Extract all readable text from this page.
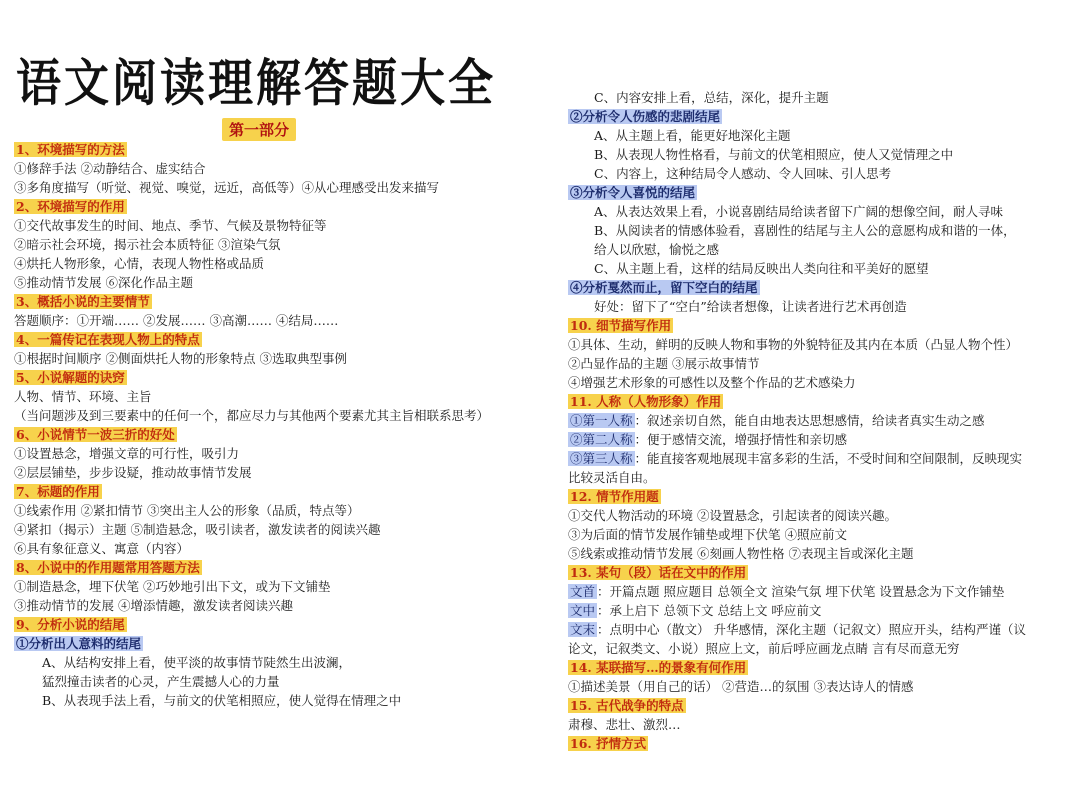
语文阅读理解答题大全
第一部分
1、环境描写的方法
①修辞手法 ②动静结合、虚实结合
③多角度描写（听觉、视觉、嗅觉，远近，高低等）④从心理感受出发来描写
2、环境描写的作用
①交代故事发生的时间、地点、季节、气候及景物特征等
②暗示社会环境，揭示社会本质特征 ③渲染气氛
④烘托人物形象，心情，表现人物性格或品质
⑤推动情节发展 ⑥深化作品主题
3、概括小说的主要情节
答题顺序：①开端…… ②发展…… ③高潮…… ④结局……
4、一篇传记在表现人物上的特点
①根据时间顺序 ②侧面烘托人物的形象特点 ③选取典型事例
5、小说解题的诀窍
人物、情节、环境、主旨
（当问题涉及到三要素中的任何一个，都应尽力与其他两个要素尤其主旨相联系思考）
6、小说情节一波三折的好处
①设置悬念，增强文章的可行性，吸引力
②层层铺垫，步步设疑，推动故事情节发展
7、标题的作用
①线索作用 ②紧扣情节 ③突出主人公的形象（品质，特点等）
④紧扣（揭示）主题 ⑤制造悬念，吸引读者，激发读者的阅读兴趣
⑥具有象征意义、寓意（内容）
8、小说中的作用题常用答题方法
①制造悬念，埋下伏笔 ②巧妙地引出下文，或为下文铺垫
③推动情节的发展 ④增添情趣，激发读者阅读兴趣
9、分析小说的结尾
①分析出人意料的结尾
A、从结构安排上看，使平淡的故事情节陡然生出波澜，
猛烈撞击读者的心灵，产生震撼人心的力量
B、从表现手法上看，与前文的伏笔相照应，使人觉得在情理之中
C、内容安排上看，总结，深化，提升主题
②分析令人伤感的悲剧结尾
A、从主题上看，能更好地深化主题
B、从表现人物性格看，与前文的伏笔相照应，使人又觉情理之中
C、内容上，这种结局令人感动、令人回味、引人思考
③分析令人喜悦的结尾
A、从表达效果上看，小说喜剧结局给读者留下广阔的想像空间，耐人寻味
B、从阅读者的情感体验看，喜剧性的结尾与主人公的意愿构成和谐的一体，
给人以欣慰，愉悦之感
C、从主题上看，这样的结局反映出人类向往和平美好的愿望
④分析戛然而止，留下空白的结尾
好处：留下了“空白”给读者想像，让读者进行艺术再创造
10. 细节描写作用
①具体、生动，鲜明的反映人物和事物的外貌特征及其内在本质（凸显人物个性）
②凸显作品的主题 ③展示故事情节
④增强艺术形象的可感性以及整个作品的艺术感染力
11. 人称（人物形象）作用
①第一人称 ：叙述亲切自然，能自由地表达思想感情，给读者真实生动之感
②第二人称 ：便于感情交流，增强抒情性和亲切感
③第三人称 ：能直接客观地展现丰富多彩的生活，不受时间和空间限制，反映现实
比较灵活自由。
12. 情节作用题
①交代人物活动的环境 ②设置悬念，引起读者的阅读兴趣。
③为后面的情节发展作铺垫或埋下伏笔 ④照应前文
⑤线索或推动情节发展 ⑥刻画人物性格 ⑦表现主旨或深化主题
13. 某句（段）话在文中的作用
文首 ：开篇点题 照应题目 总领全文 渲染气氛 埋下伏笔 设置悬念为下文作铺垫
文中 ：承上启下 总领下文 总结上文 呼应前文
文末 ：点明中心（散文） 升华感情，深化主题（记叙文）照应开头，结构严谨（议
论文，记叙类文、小说）照应上文，前后呼应画龙点睛 言有尽而意无穷
14. 某联描写…的景象有何作用
①描述美景（用自己的话） ②营造…的氛围 ③表达诗人的情感
15. 古代战争的特点
肃穆、悲壮、激烈…
16. 抒情方式
